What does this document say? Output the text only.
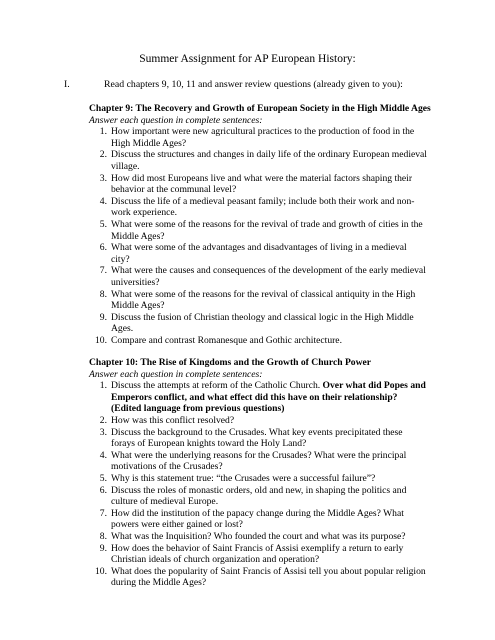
Summer Assignment for AP European History:
I.	Read chapters 9, 10, 11 and answer review questions (already given to you):
Chapter 9: The Recovery and Growth of European Society in the High Middle Ages
Answer each question in complete sentences:
1. How important were new agricultural practices to the production of food in the
High Middle Ages?
2. Discuss the structures and changes in daily life of the ordinary European medieval
village.
3. How did most Europeans live and what were the material factors shaping their
behavior at the communal level?
4. Discuss the life of a medieval peasant family; include both their work and non-
work experience.
5. What were some of the reasons for the revival of trade and growth of cities in the
Middle Ages?
6. What were some of the advantages and disadvantages of living in a medieval
city?
7. What were the causes and consequences of the development of the early medieval
universities?
8. What were some of the reasons for the revival of classical antiquity in the High
Middle Ages?
9. Discuss the fusion of Christian theology and classical logic in the High Middle
Ages.
10. Compare and contrast Romanesque and Gothic architecture.
Chapter 10: The Rise of Kingdoms and the Growth of Church Power
Answer each question in complete sentences:
1. Discuss the attempts at reform of the Catholic Church. Over what did Popes and
Emperors conflict, and what effect did this have on their relationship?
(Edited language from previous questions)
2. How was this conflict resolved?
3. Discuss the background to the Crusades. What key events precipitated these
forays of European knights toward the Holy Land?
4. What were the underlying reasons for the Crusades? What were the principal
motivations of the Crusades?
5. Why is this statement true: “the Crusades were a successful failure”?
6. Discuss the roles of monastic orders, old and new, in shaping the politics and
culture of medieval Europe.
7. How did the institution of the papacy change during the Middle Ages? What
powers were either gained or lost?
8. What was the Inquisition? Who founded the court and what was its purpose?
9. How does the behavior of Saint Francis of Assisi exemplify a return to early
Christian ideals of church organization and operation?
10. What does the popularity of Saint Francis of Assisi tell you about popular religion
during the Middle Ages?
